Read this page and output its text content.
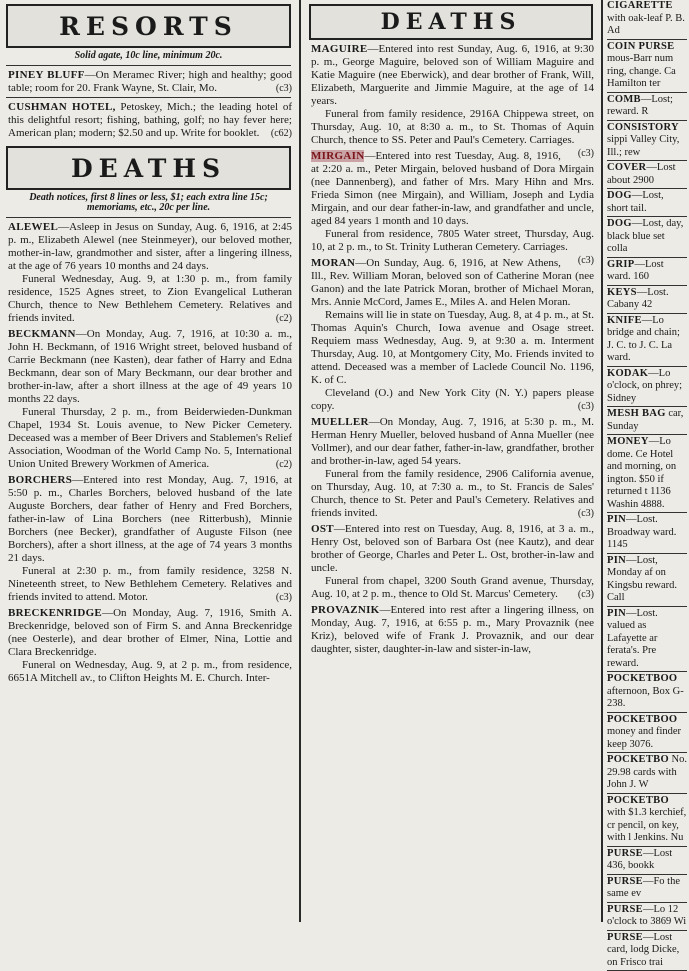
RESORTS
Solid agate, 10c line, minimum 20c.
PINEY BLUFF—On Meramec River; high and healthy; good table; room for 20. Frank Wayne, St. Clair, Mo.	(c3)
CUSHMAN HOTEL, Petoskey, Mich.; the leading hotel of this delightful resort; fishing, bathing, golf; no hay fever here; American plan; modern; $2.50 and up. Write for booklet. (c62)
DEATHS
Death notices, first 8 lines or less, $1; each extra line 15c; memoriams, etc., 20c per line.
ALEWEL—Asleep in Jesus on Sunday, Aug. 6, 1916, at 2:45 p. m., Elizabeth Alewel (nee Steinmeyer), our beloved mother, mother-in-law, grandmother and sister, after a lingering illness, at the age of 76 years 10 months and 24 days.
Funeral Wednesday, Aug. 9, at 1:30 p. m., from family residence, 1525 Agnes street, to Zion Evangelical Lutheran Church, thence to New Bethlehem Cemetery. Relatives and friends invited.	(c2)
BECKMANN—On Monday, Aug. 7, 1916, at 10:30 a. m., John H. Beckmann, of 1916 Wright street, beloved husband of Carrie Beckmann (nee Kasten), dear father of Harry and Edna Beckmann, dear son of Mary Beckmann, our dear brother and brother-in-law, after a short illness at the age of 49 years 10 months 22 days.
Funeral Thursday, 2 p. m., from Beiderwieden-Dunkman Chapel, 1934 St. Louis avenue, to New Picker Cemetery. Deceased was a member of Beer Drivers and Stablemen's Relief Association, Woodman of the World Camp No. 5, International Union United Brewery Workmen of America.	(c2)
BORCHERS—Entered into rest Monday, Aug. 7, 1916, at 5:50 p. m., Charles Borchers, beloved husband of the late Auguste Borchers, dear father of Henry and Fred Borchers, father-in-law of Lina Borchers (nee Ritterbush), Minnie Borchers (nee Becker), grandfather of Auguste Filson (nee Borchers), after a short illness, at the age of 74 years 3 months 21 days.
Funeral at 2:30 p. m., from family residence, 3258 N. Nineteenth street, to New Bethlehem Cemetery. Relatives and friends invited to attend. Motor.	(c3)
BRECKENRIDGE—On Monday, Aug. 7, 1916, Smith A. Breckenridge, beloved son of Firm S. and Anna Breckenridge (nee Oesterle), and dear brother of Elmer, Nina, Lottie and Clara Breckenridge.
Funeral on Wednesday, Aug. 9, at 2 p. m., from residence, 6651A Mitchell av., to Clifton Heights M. E. Church. Inter-
DEATHS
MAGUIRE—Entered into rest Sunday, Aug. 6, 1916, at 9:30 p. m., George Maguire, beloved son of William Maguire and Katie Maguire (nee Eberwick), and dear brother of Frank, Will, Elizabeth, Marguerite and Jimmie Maguire, at the age of 14 years.
Funeral from family residence, 2916A Chippewa street, on Thursday, Aug. 10, at 8:30 a. m., to St. Thomas of Aquin Church, thence to SS. Peter and Paul's Cemetery. Carriages.
(c3)
MIRGAIN—Entered into rest Tuesday, Aug. 8, 1916, at 2:20 a. m., Peter Mirgain, beloved husband of Dora Mirgain (nee Dannenberg), and father of Mrs. Mary Hihn and Mrs. Frieda Simon (nee Mirgain), and William, Joseph and Lydia Mirgain, and our dear father-in-law, and grandfather and uncle, aged 84 years 1 month and 10 days.
Funeral from residence, 7805 Water street, Thursday, Aug. 10, at 2 p. m., to St. Trinity Lutheran Cemetery. Carriages.
(c3)
MORAN—On Sunday, Aug. 6, 1916, at New Athens, Ill., Rev. William Moran, beloved son of Catherine Moran (nee Ganon) and the late Patrick Moran, brother of Michael Moran, Mrs. Annie McCord, James E., Miles A. and Helen Moran.
Remains will lie in state on Tuesday, Aug. 8, at 4 p. m., at St. Thomas Aquin's Church, Iowa avenue and Osage street. Requiem mass Wednesday, Aug. 9, at 9:30 a. m. Interment Thursday, Aug. 10, at Montgomery City, Mo. Friends invited to attend. Deceased was a member of Laclede Council No. 1196, K. of C.
Cleveland (O.) and New York City (N. Y.) papers please copy.	(c3)
MUELLER—On Monday, Aug. 7, 1916, at 5:30 p. m., M. Herman Henry Mueller, beloved husband of Anna Mueller (nee Vollmer), and our dear father, father-in-law, grandfather, brother and brother-in-law, aged 54 years.
Funeral from the family residence, 2906 California avenue, on Thursday, Aug. 10, at 7:30 a. m., to St. Francis de Sales' Church, thence to St. Peter and Paul's Cemetery. Relatives and friends invited.	(c3)
OST—Entered into rest on Tuesday, Aug. 8, 1916, at 3 a. m., Henry Ost, beloved son of Barbara Ost (nee Kautz), and dear brother of George, Charles and Peter L. Ost, brother-in-law and uncle.
Funeral from chapel, 3200 South Grand avenue, Thursday, Aug. 10, at 2 p. m., thence to Old St. Marcus' Cemetery.	(c3)
PROVAZNIK—Entered into rest after a lingering illness, on Monday, Aug. 7, 1916, at 6:55 p. m., Mary Provaznik (nee Kriz), beloved wife of Frank J. Provaznik, and our dear daughter, sister, daughter-in-law and sister-in-law,
CIGARETTE with oak-leaf P. B. Ad
COIN PURSE mous-Barr num ring, change. Ca Hamilton ter
COMB—Lost; reward. R
CONSISTORY sippi Valley City, Ill.; rew
COVER—Lost about 2900
DOG—Lost, short tail.
DOG—Lost, day, black blue set colla
GRIP—Lost ward. 160
KEYS—Lost. Cabany 42
KNIFE—Lo bridge and chain; J. C. to J. C. La ward.
KODAK—Lo o'clock, on phrey; Sidney
MESH BAG car, Sunday
MONEY—Lo dome. Ce Hotel and morning, on ington. $50 if returned t 1136 Washin 4888.
PIN—Lost. Broadway ward. 1145
PIN—Lost, Monday af on Kingsbu reward. Call
PIN—Lost. valued as Lafayette ar ferata's. Pre reward.
POCKETBOO afternoon, Box G-238.
POCKETBOO money and finder keep 3076.
POCKETBO No. 29.98 cards with John J. W
POCKETBO with $1.3 kerchief, cr pencil, on key, with l Jenkins. Nu
PURSE—Lost 436, bookk
PURSE—Fo the same ev
PURSE—Lo 12 o'clock to 3869 Wi
PURSE—Lost card, lodg Dicke, on Frisco trai
